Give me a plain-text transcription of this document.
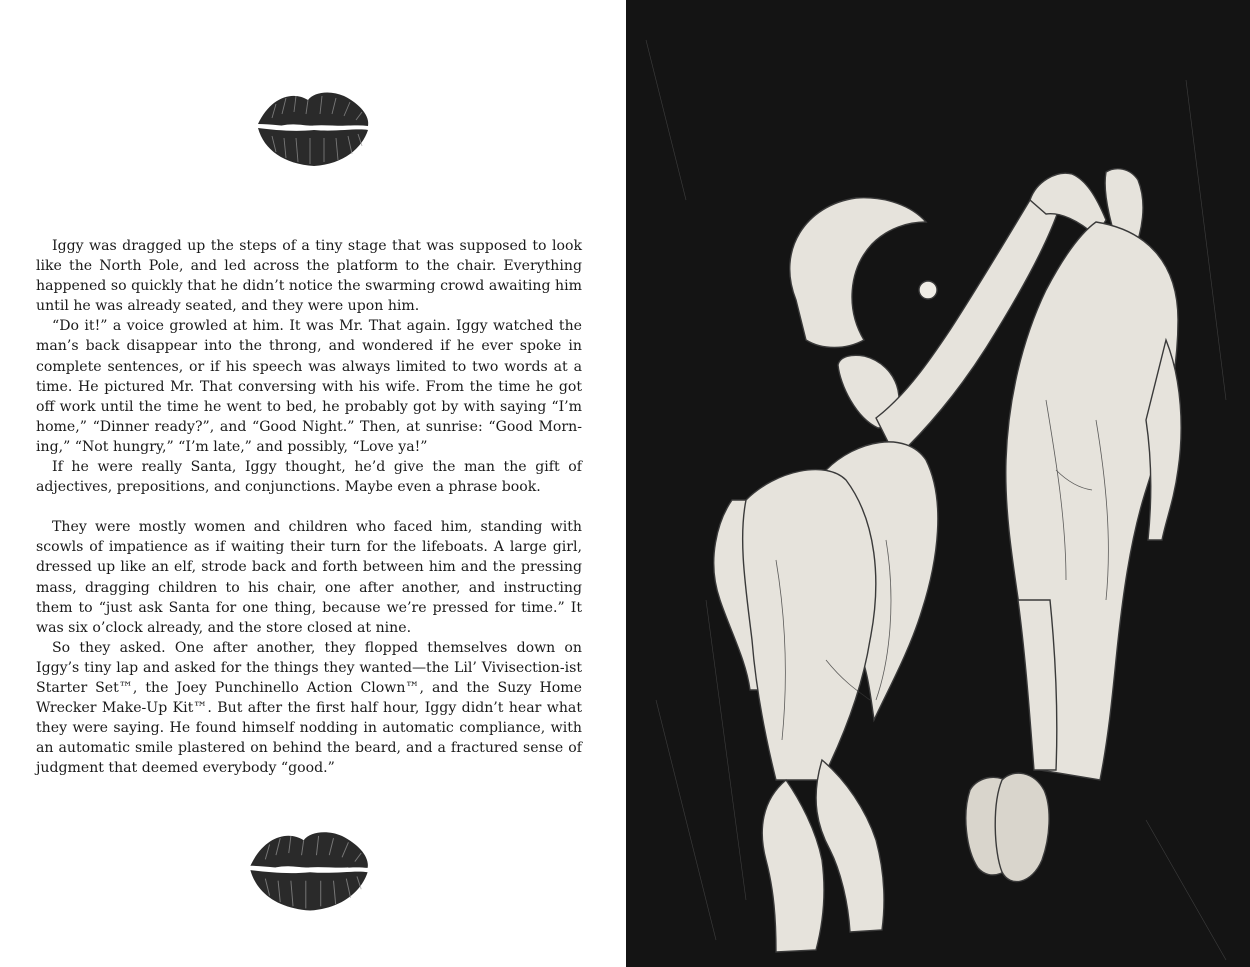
Iggy was dragged up the steps of a tiny stage that was supposed to look like the North Pole, and led across the platform to the chair. Everything happened so quickly that he didn’t notice the swarming crowd awaiting him until he was already seated, and they were upon him.

“Do it!” a voice growled at him. It was Mr. That again. Iggy watched the man’s back disappear into the throng, and wondered if he ever spoke in complete sentences, or if his speech was always limited to two words at a time. He pictured Mr. That conversing with his wife. From the time he got off work until the time he went to bed, he probably got by with saying “I’m home,” “Dinner ready?”, and “Good Night.” Then, at sunrise: “Good Morn-ing,” “Not hungry,” “I’m late,” and possibly, “Love ya!”

If he were really Santa, Iggy thought, he’d give the man the gift of adjectives, prepositions, and conjunctions. Maybe even a phrase book.

They were mostly women and children who faced him, standing with scowls of impatience as if waiting their turn for the lifeboats. A large girl, dressed up like an elf, strode back and forth between him and the pressing mass, dragging children to his chair, one after another, and instructing them to “just ask Santa for one thing, because we’re pressed for time.” It was six o’clock already, and the store closed at nine.

So they asked. One after another, they flopped themselves down on Iggy’s tiny lap and asked for the things they wanted—the Lil’ Vivisection-ist Starter Set™, the Joey Punchinello Action Clown™, and the Suzy Home Wrecker Make-Up Kit™. But after the first half hour, Iggy didn’t hear what they were saying. He found himself nodding in automatic compliance, with an automatic smile plastered on behind the beard, and a fractured sense of judgment that deemed everybody “good.”
